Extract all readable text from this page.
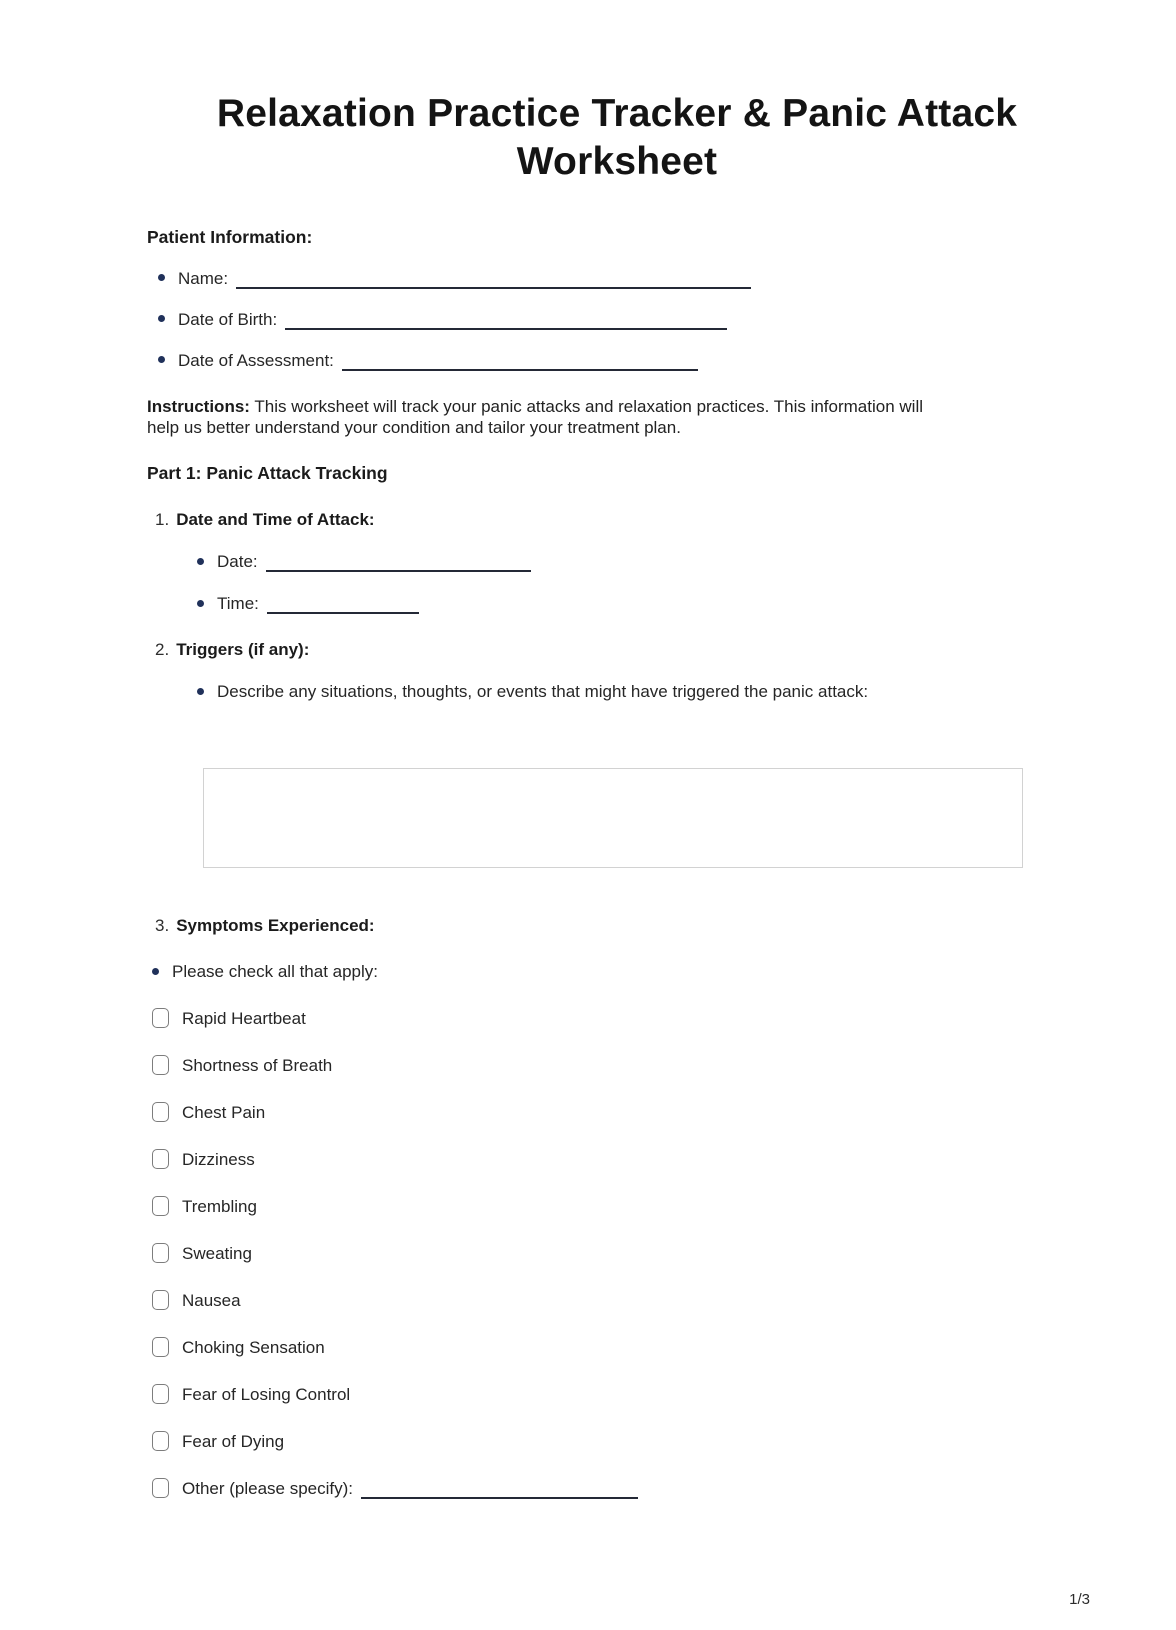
Relaxation Practice Tracker & Panic Attack
Worksheet
Patient Information:
Name:
Date of Birth:
Date of Assessment:

Instructions: This worksheet will track your panic attacks and relaxation practices. This information will help us better understand your condition and tailor your treatment plan.

Part 1: Panic Attack Tracking
1. Date and Time of Attack:
Date:
Time:
2. Triggers (if any):
Describe any situations, thoughts, or events that might have triggered the panic attack:
3. Symptoms Experienced:
Please check all that apply:
Rapid Heartbeat
Shortness of Breath
Chest Pain
Dizziness
Trembling
Sweating
Nausea
Choking Sensation
Fear of Losing Control
Fear of Dying
Other (please specify):
1/3
